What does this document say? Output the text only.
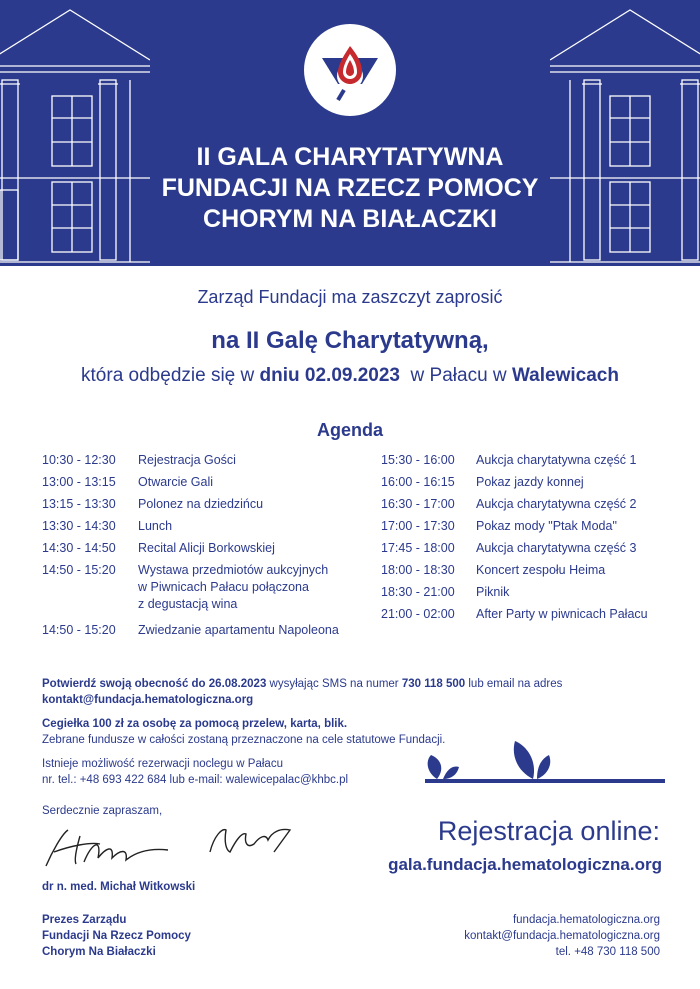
II GALA CHARYTATYWNA
FUNDACJI NA RZECZ POMOCY
CHORYM NA BIAŁACZKI
Zarząd Fundacji ma zaszczyt zaprosić
na II Galę Charytatywną,
która odbędzie się w dniu 02.09.2023  w Pałacu w Walewicach
Agenda
10:30 - 12:30 Rejestracja Gości
13:00 - 13:15 Otwarcie Gali
13:15 - 13:30 Polonez na dziedzińcu
13:30 - 14:30 Lunch
14:30 - 14:50 Recital Alicji Borkowskiej
14:50 - 15:20 Wystawa przedmiotów aukcyjnych
w Piwnicach Pałacu połączona
z degustacją wina
14:50 - 15:20 Zwiedzanie apartamentu Napoleona
15:30 - 16:00 Aukcja charytatywna część 1
16:00 - 16:15 Pokaz jazdy konnej
16:30 - 17:00 Aukcja charytatywna część 2
17:00 - 17:30 Pokaz mody "Ptak Moda"
17:45 - 18:00 Aukcja charytatywna część 3
18:00 - 18:30 Koncert zespołu Heima
18:30 - 21:00 Piknik
21:00 - 02:00 After Party w piwnicach Pałacu
Potwierdź swoją obecność do 26.08.2023 wysyłając SMS na numer 730 118 500 lub email na adres
kontakt@fundacja.hematologiczna.org
Cegiełka 100 zł za osobę za pomocą przelew, karta, blik.
Zebrane fundusze w całości zostaną przeznaczone na cele statutowe Fundacji.
Istnieje możliwość rezerwacji noclegu w Pałacu
nr. tel.: +48 693 422 684 lub e-mail: walewicepalac@khbc.pl
Serdecznie zapraszam,
Rejestracja online:
gala.fundacja.hematologiczna.org
dr n. med. Michał Witkowski
Prezes Zarządu
Fundacji Na Rzecz Pomocy
Chorym Na Białaczki
fundacja.hematologiczna.org
kontakt@fundacja.hematologiczna.org
tel. +48 730 118 500
